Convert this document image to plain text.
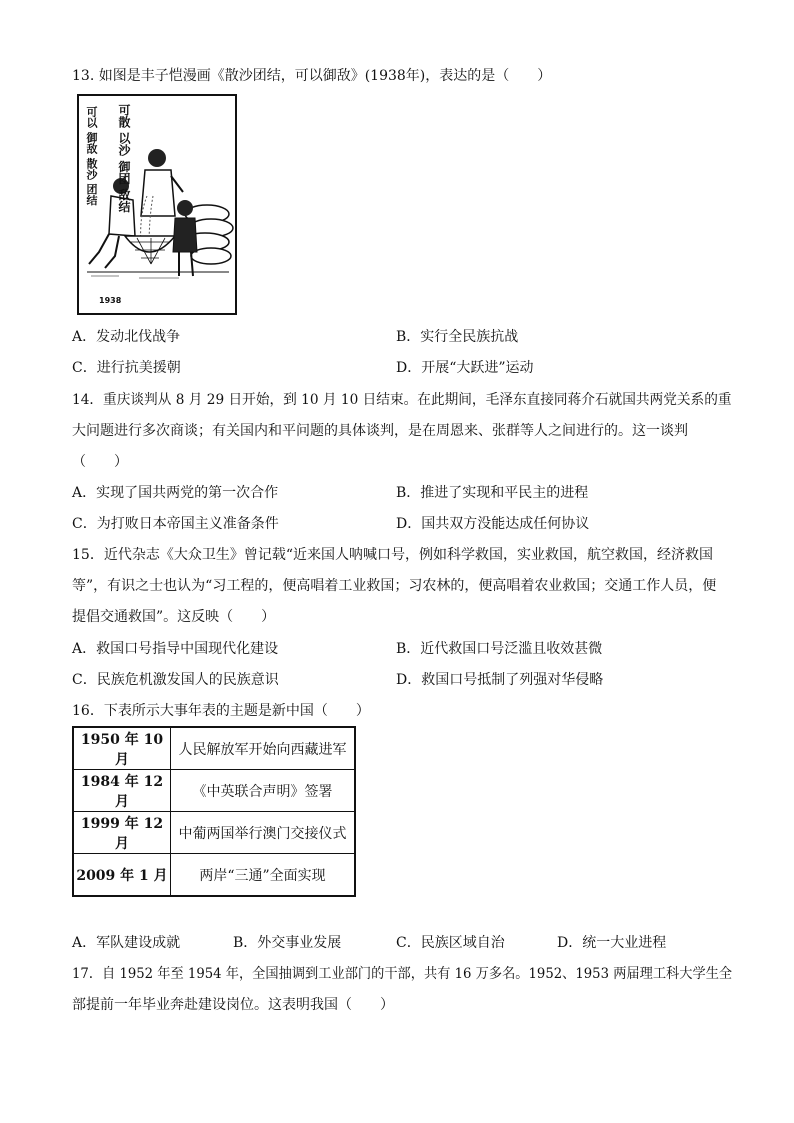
13. 如图是丰子恺漫画《散沙团结，可以御敌》(1938年)，表达的是（　　）
可以 御敌 散沙 团结 可散 以沙 御团 敌结
1938
A．发动北伐战争	B．实行全民族抗战
C．进行抗美援朝	D．开展“大跃进”运动
14．重庆谈判从 8 月 29 日开始，到 10 月 10 日结束。在此期间，毛泽东直接同蒋介石就国共两党关系的重
大问题进行多次商谈；有关国内和平问题的具体谈判，是在周恩来、张群等人之间进行的。这一谈判
（　　）
A．实现了国共两党的第一次合作	B．推进了实现和平民主的进程
C．为打败日本帝国主义准备条件	D．国共双方没能达成任何协议
15．近代杂志《大众卫生》曾记载“近来国人呐喊口号，例如科学救国，实业救国，航空救国，经济救国
等”，有识之士也认为“习工程的，便高唱着工业救国；习农林的，便高唱着农业救国；交通工作人员，便
提倡交通救国”。这反映（　　）
A．救国口号指导中国现代化建设	B．近代救国口号泛滥且收效甚微
C．民族危机激发国人的民族意识	D．救国口号抵制了列强对华侵略
16．下表所示大事年表的主题是新中国（　　）
1950 年 10 月	人民解放军开始向西藏进军
1984 年 12 月	《中英联合声明》签署
1999 年 12 月	中葡两国举行澳门交接仪式
2009 年 1 月	两岸“三通”全面实现
A．军队建设成就	B．外交事业发展	C．民族区域自治	D．统一大业进程
17．自 1952 年至 1954 年，全国抽调到工业部门的干部，共有 16 万多名。1952、1953 两届理工科大学生全
部提前一年毕业奔赴建设岗位。这表明我国（　　）
